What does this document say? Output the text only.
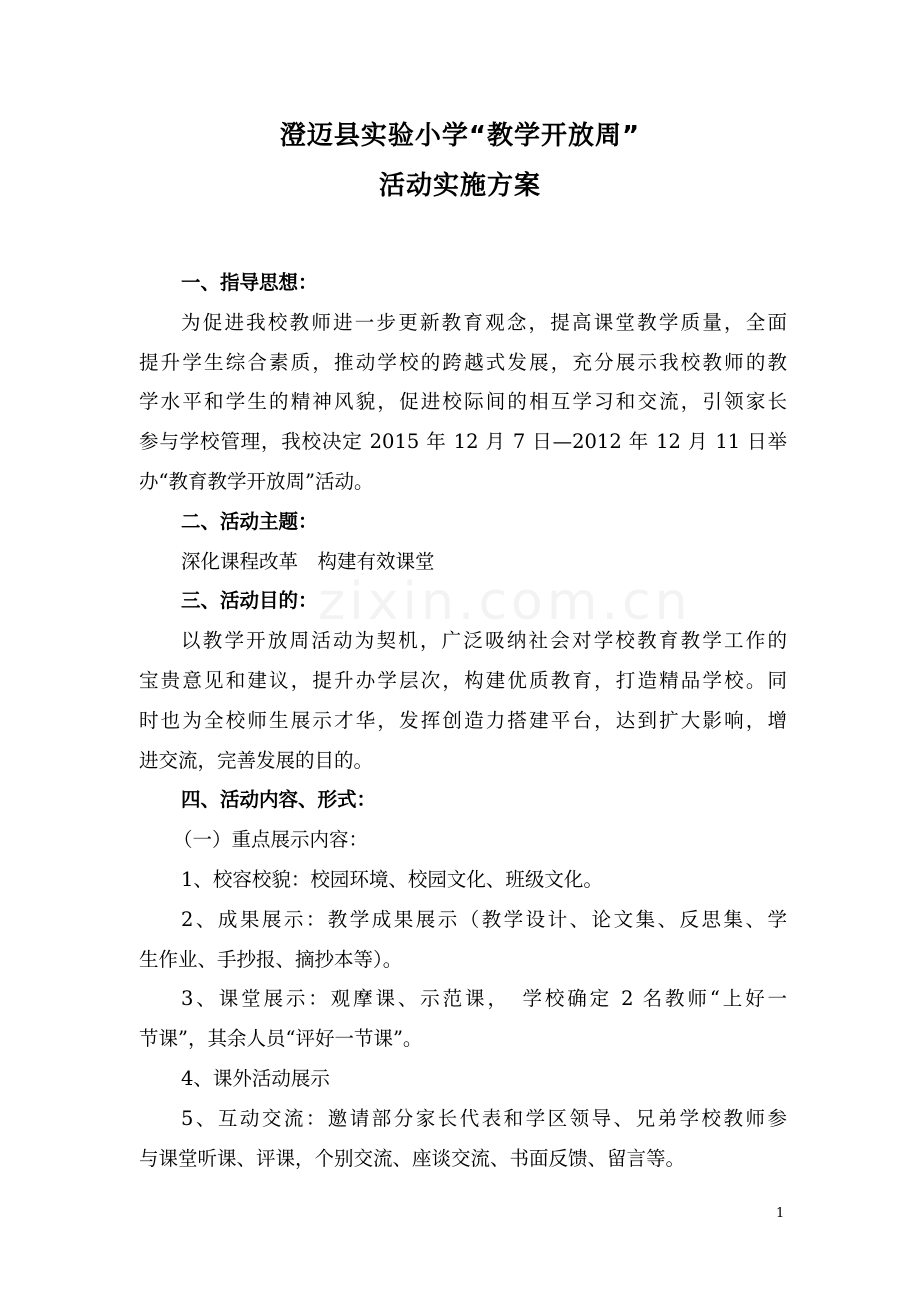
澄迈县实验小学“教学开放周”
活动实施方案
zixin.com.cn
一、指导思想：
为促进我校教师进一步更新教育观念，提高课堂教学质量，全面
提升学生综合素质，推动学校的跨越式发展，充分展示我校教师的教
学水平和学生的精神风貌，促进校际间的相互学习和交流，引领家长
参与学校管理，我校决定 2015 年 12 月 7 日—2012 年 12 月 11 日举
办“教育教学开放周”活动。
二、活动主题：
深化课程改革　构建有效课堂
三、活动目的：
以教学开放周活动为契机，广泛吸纳社会对学校教育教学工作的
宝贵意见和建议，提升办学层次，构建优质教育，打造精品学校。同
时也为全校师生展示才华，发挥创造力搭建平台，达到扩大影响，增
进交流，完善发展的目的。
四、活动内容、形式：
（一）重点展示内容：
1、校容校貌：校园环境、校园文化、班级文化。
2、成果展示：教学成果展示（教学设计、论文集、反思集、学
生作业、手抄报、摘抄本等）。
3、课堂展示：观摩课、示范课，　学校确定 2 名教师“上好一
节课”，其余人员“评好一节课”。
4、课外活动展示
5、互动交流：邀请部分家长代表和学区领导、兄弟学校教师参
与课堂听课、评课，个别交流、座谈交流、书面反馈、留言等。
1
